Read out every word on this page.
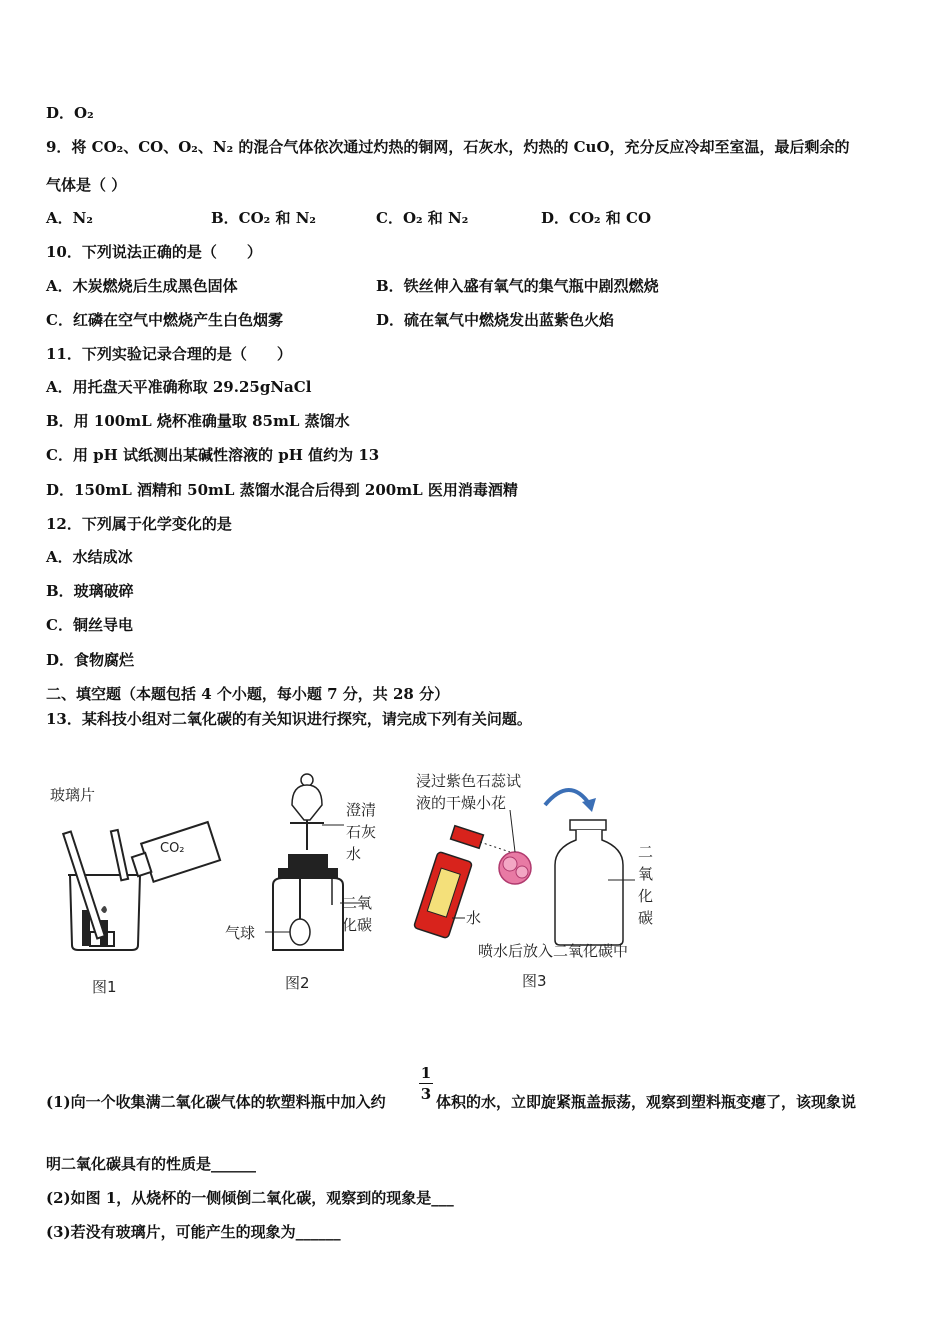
D．O₂
9．将 CO₂、CO、O₂、N₂ 的混合气体依次通过灼热的铜网，石灰水，灼热的 CuO，充分反应冷却至室温，最后剩余的
气体是（ ）
A．N₂	B．CO₂ 和 N₂	C．O₂ 和 N₂	D．CO₂ 和 CO
10．下列说法正确的是（　　）
A．木炭燃烧后生成黑色固体	B．铁丝伸入盛有氧气的集气瓶中剧烈燃烧
C．红磷在空气中燃烧产生白色烟雾	D．硫在氧气中燃烧发出蓝紫色火焰
11．下列实验记录合理的是（　　）
A．用托盘天平准确称取 29.25gNaCl
B．用 100mL 烧杯准确量取 85mL 蒸馏水
C．用 pH 试纸测出某碱性溶液的 pH 值约为 13
D．150mL 酒精和 50mL 蒸馏水混合后得到 200mL 医用消毒酒精
12．下列属于化学变化的是
A．水结成冰
B．玻璃破碎
C．铜丝导电
D．食物腐烂
二、填空题（本题包括 4 个小题，每小题 7 分，共 28 分）
13．某科技小组对二氧化碳的有关知识进行探究，请完成下列有关问题。
玻璃片
CO₂
澄清 石灰 水
二氧 化碳
气球
浸过紫色石蕊试
液的干燥小花
水
二 氧 化 碳
喷水后放入二氧化碳中
图1	图2	图3
1
3
(1)向一个收集满二氧化碳气体的软塑料瓶中加入约	体积的水，立即旋紧瓶盖振荡，观察到塑料瓶变瘪了，该现象说
明二氧化碳具有的性质是______
(2)如图 1，从烧杯的一侧倾倒二氧化碳，观察到的现象是___
(3)若没有玻璃片，可能产生的现象为______
